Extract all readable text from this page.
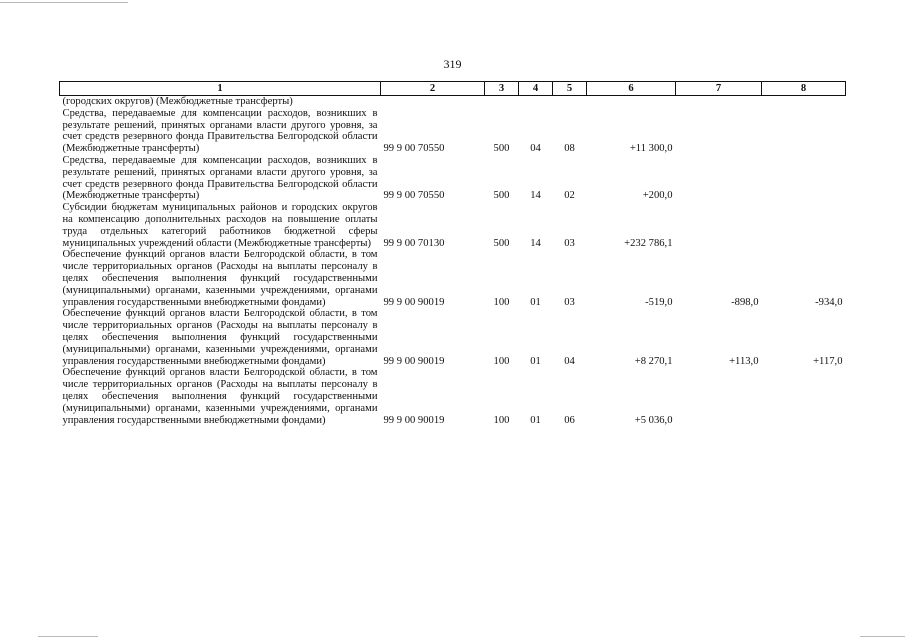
319
1	2	3	4	5	6	7	8
(городских округов) (Межбюджетные трансферты)							
Средства, передаваемые для компенсации расходов, возникших в результате решений, принятых органами власти другого уровня, за счет средств резервного фонда Правительства Белгородской области (Межбюджетные трансферты)	99 9 00 70550	500	04	08	+11 300,0		
Средства, передаваемые для компенсации расходов, возникших в результате решений, принятых органами власти другого уровня, за счет средств резервного фонда Правительства Белгородской области (Межбюджетные трансферты)	99 9 00 70550	500	14	02	+200,0		
Субсидии бюджетам муниципальных районов и городских округов на компенсацию дополнительных расходов на повышение оплаты труда отдельных категорий работников бюджетной сферы муниципальных учреждений области (Межбюджетные трансферты)	99 9 00 70130	500	14	03	+232 786,1		
Обеспечение функций органов власти Белгородской области, в том числе территориальных органов (Расходы на выплаты персоналу в целях обеспечения выполнения функций государственными (муниципальными) органами, казенными учреждениями, органами управления государственными внебюджетными фондами)	99 9 00 90019	100	01	03	-519,0	-898,0	-934,0
Обеспечение функций органов власти Белгородской области, в том числе территориальных органов (Расходы на выплаты персоналу в целях обеспечения выполнения функций государственными (муниципальными) органами, казенными учреждениями, органами управления государственными внебюджетными фондами)	99 9 00 90019	100	01	04	+8 270,1	+113,0	+117,0
Обеспечение функций органов власти Белгородской области, в том числе территориальных органов (Расходы на выплаты персоналу в целях обеспечения выполнения функций государственными (муниципальными) органами, казенными учреждениями, органами управления государственными внебюджетными фондами)	99 9 00 90019	100	01	06	+5 036,0		
